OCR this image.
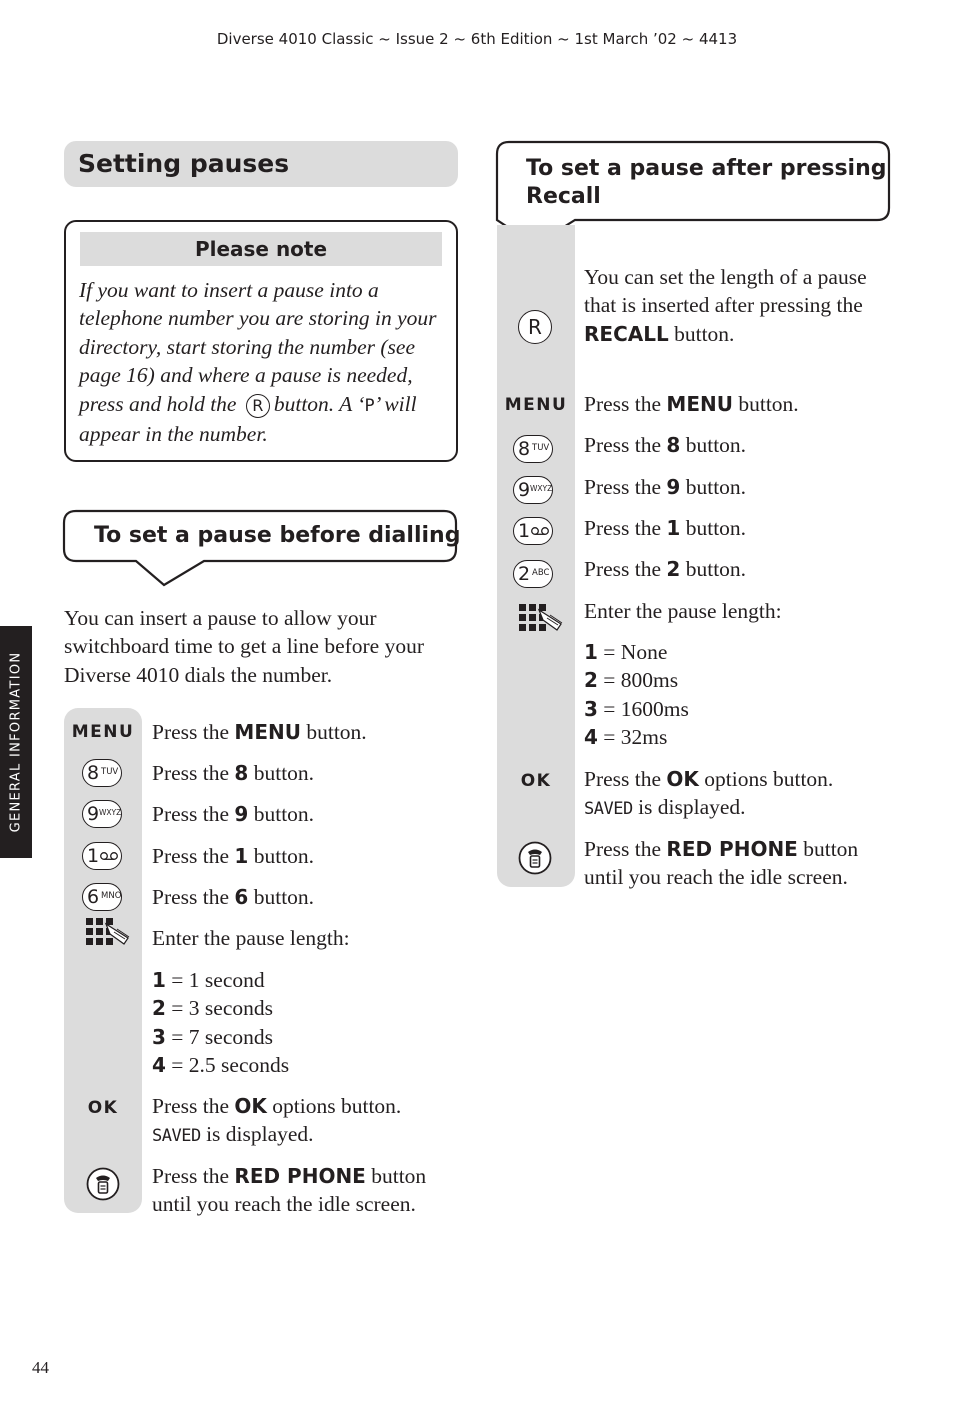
Diverse 4010 Classic ~ Issue 2 ~ 6th Edition ~ 1st March ’02 ~ 4413
Setting pauses
Please note
If you want to insert a pause into a telephone number you are storing in your directory, start storing the number (see page 16) and where a pause is needed, press and hold the R button. A ‘P’ will appear in the number.
To set a pause before dialling
You can insert a pause to allow your switchboard time to get a line before your Diverse 4010 dials the number.
MENU
8 TUV
9 WXYZ
1
6 MNO
OK
Press the MENU button.
Press the 8 button.
Press the 9 button.
Press the 1 button.
Press the 6 button.
Enter the pause length:
1 = 1 second
2 = 3 seconds
3 = 7 seconds
4 = 2.5 seconds
Press the OK options button.
SAVED is displayed.
Press the RED PHONE button until you reach the idle screen.
To set a pause after pressing
Recall
R
MENU
8 TUV
9 WXYZ
1
2 ABC
OK
You can set the length of a pause that is inserted after pressing the RECALL button.
Press the MENU button.
Press the 8 button.
Press the 9 button.
Press the 1 button.
Press the 2 button.
Enter the pause length:
1 = None
2 = 800ms
3 = 1600ms
4 = 32ms
Press the OK options button.
SAVED is displayed.
Press the RED PHONE button until you reach the idle screen.
GENERAL INFORMATION
44
